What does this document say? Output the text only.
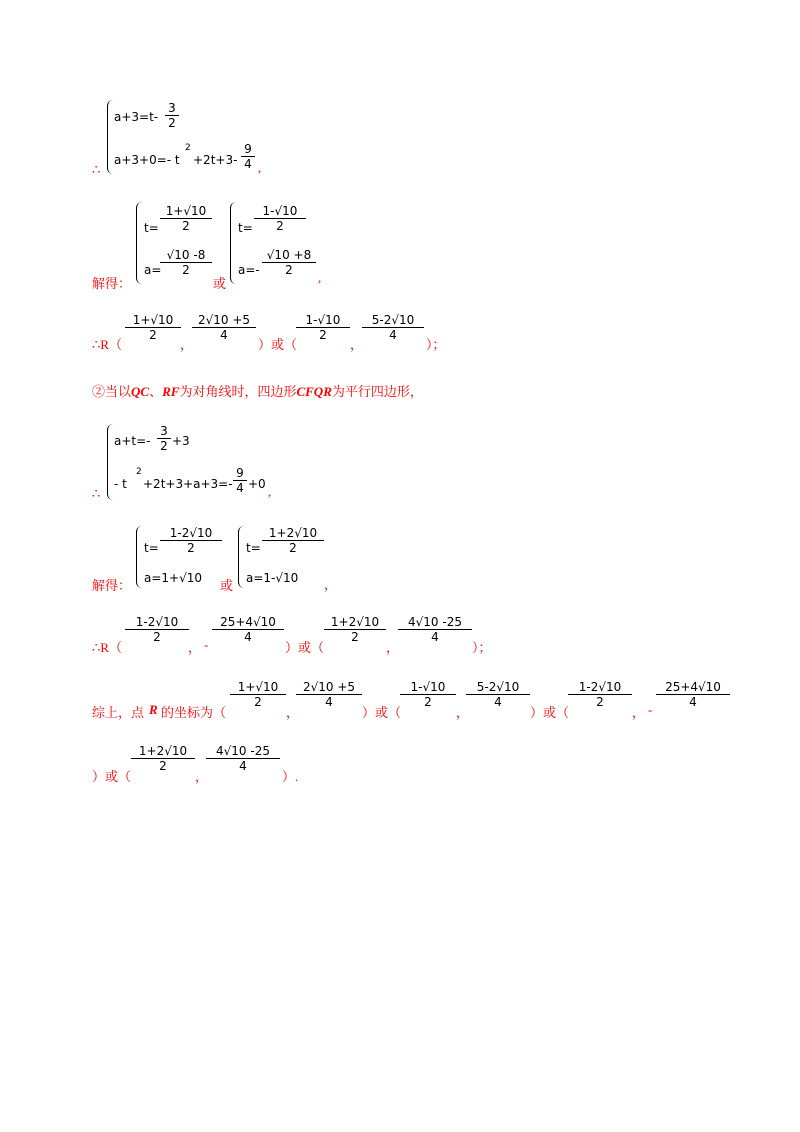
a+3=t-
3
2
a+3+0=- t
2
+2t+3-
9
4
∴	,
解得：
t=
1+√10
2
a=
√10 -8
2
或
t=
1-√10
2
a=-
√10 +8
2	,
∴R（
1+√10
2
，
2√10 +5
4
）或（
1-√10
2
，
5-2√10
4
）；
②当以QC、RF为对角线时，四边形CFQR为平行四边形，
a+t=-
3
2 +3
- t
2
+2t+3+a+3=-
9
4 +0
∴	,
解得：
t=
1-2√10
2
a=1+√10 或
t=
1+2√10
2
a=1-√10 ，
∴R（
1-2√10
2
， -
25+4√10
4
）或（
1+2√10
2
，
4√10 -25
4
）；
综上，点 R 的坐标为（
1+√10
2
，
2√10 +5
4
）或（
1-√10
2
，
5-2√10
4
）或（
1-2√10
2
， -
25+4√10
4
）或（
1+2√10
2
，
4√10 -25
4
）.
